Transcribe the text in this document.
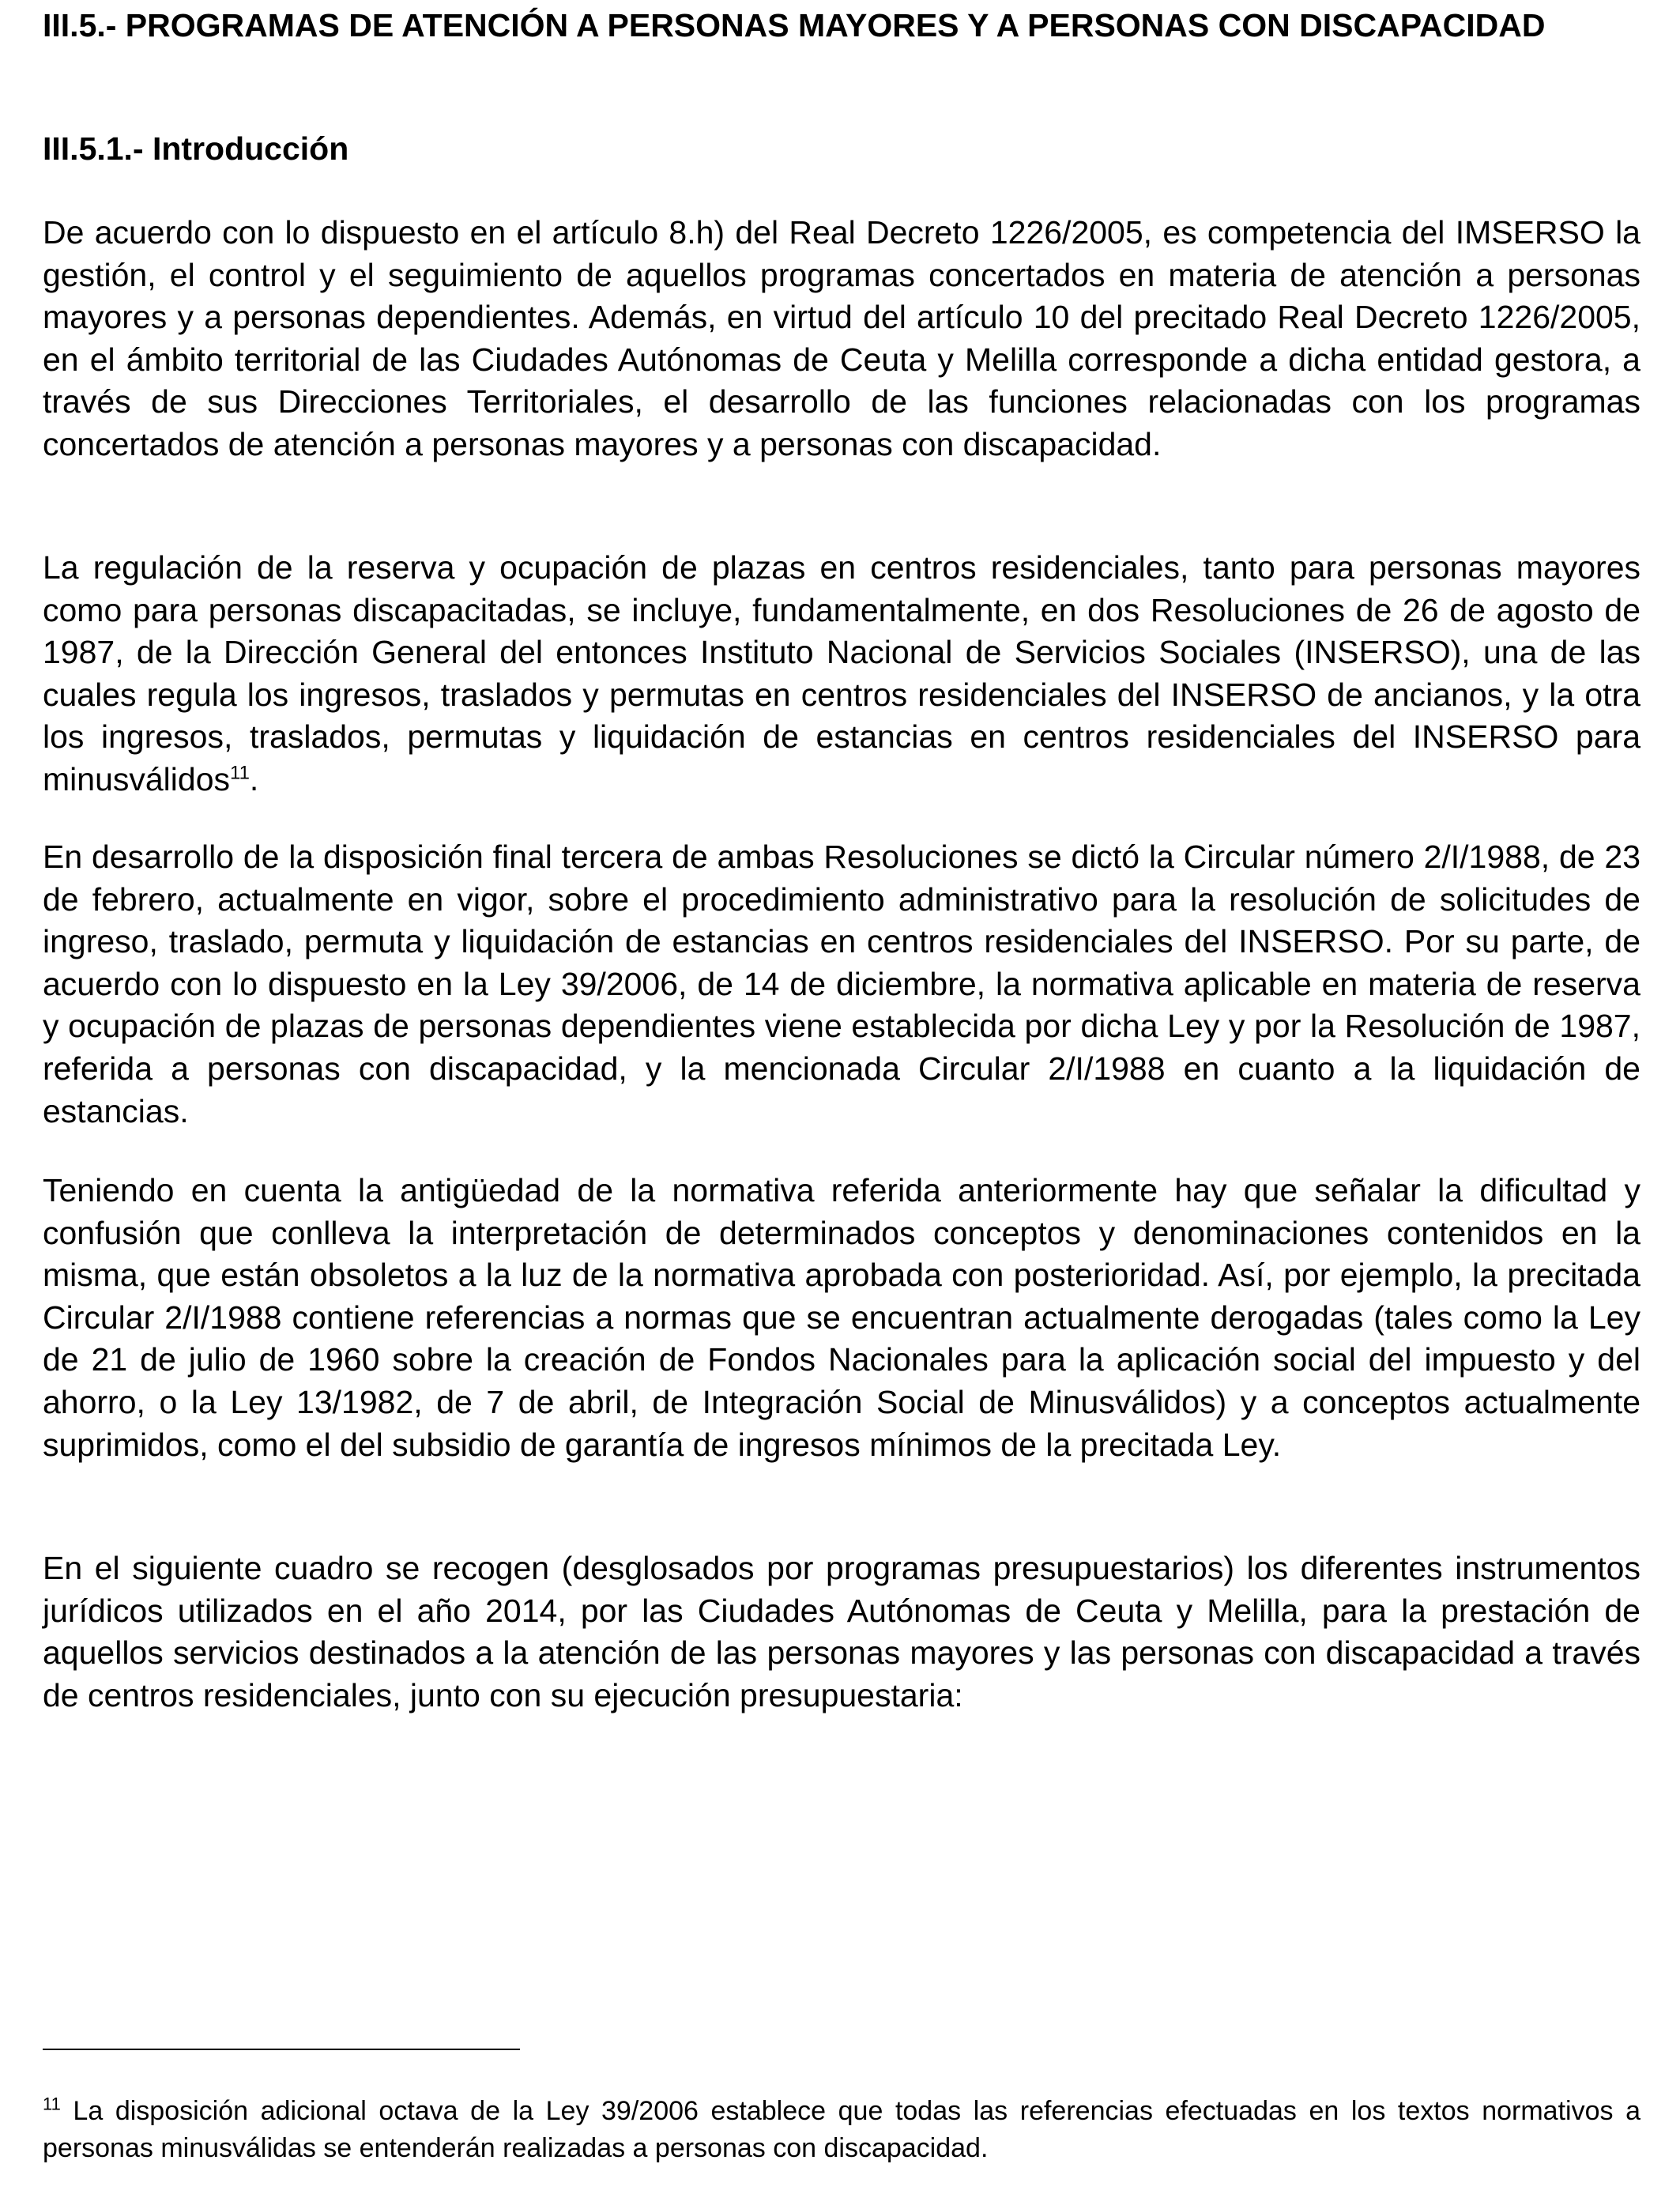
III.5.- PROGRAMAS DE ATENCIÓN A PERSONAS MAYORES Y A PERSONAS CON DISCAPACIDAD
III.5.1.- Introducción

De acuerdo con lo dispuesto en el artículo 8.h) del Real Decreto 1226/2005, es competencia del IMSERSO la gestión, el control y el seguimiento de aquellos programas concertados en materia de atención a personas mayores y a personas dependientes. Además, en virtud del artículo 10 del precitado Real Decreto 1226/2005, en el ámbito territorial de las Ciudades Autónomas de Ceuta y Melilla corresponde a dicha entidad gestora, a través de sus Direcciones Territoriales, el desarrollo de las funciones relacionadas con los programas concertados de atención a personas mayores y a personas con discapacidad.

La regulación de la reserva y ocupación de plazas en centros residenciales, tanto para personas mayores como para personas discapacitadas, se incluye, fundamentalmente, en dos Resoluciones de 26 de agosto de 1987, de la Dirección General del entonces Instituto Nacional de Servicios Sociales (INSERSO), una de las cuales regula los ingresos, traslados y permutas en centros residenciales del INSERSO de ancianos, y la otra los ingresos, traslados, permutas y liquidación de estancias en centros residenciales del INSERSO para minusválidos$^{11}$.

En desarrollo de la disposición final tercera de ambas Resoluciones se dictó la Circular número 2/I/1988, de 23 de febrero, actualmente en vigor, sobre el procedimiento administrativo para la resolución de solicitudes de ingreso, traslado, permuta y liquidación de estancias en centros residenciales del INSERSO. Por su parte, de acuerdo con lo dispuesto en la Ley 39/2006, de 14 de diciembre, la normativa aplicable en materia de reserva y ocupación de plazas de personas dependientes viene establecida por dicha Ley y por la Resolución de 1987, referida a personas con discapacidad, y la mencionada Circular 2/I/1988 en cuanto a la liquidación de estancias.

Teniendo en cuenta la antigüedad de la normativa referida anteriormente hay que señalar la dificultad y confusión que conlleva la interpretación de determinados conceptos y denominaciones contenidos en la misma, que están obsoletos a la luz de la normativa aprobada con posterioridad. Así, por ejemplo, la precitada Circular 2/I/1988 contiene referencias a normas que se encuentran actualmente derogadas (tales como la Ley de 21 de julio de 1960 sobre la creación de Fondos Nacionales para la aplicación social del impuesto y del ahorro, o la Ley 13/1982, de 7 de abril, de Integración Social de Minusválidos) y a conceptos actualmente suprimidos, como el del subsidio de garantía de ingresos mínimos de la precitada Ley.

En el siguiente cuadro se recogen (desglosados por programas presupuestarios) los diferentes instrumentos jurídicos utilizados en el año 2014, por las Ciudades Autónomas de Ceuta y Melilla, para la prestación de aquellos servicios destinados a la atención de las personas mayores y las personas con discapacidad a través de centros residenciales, junto con su ejecución presupuestaria:

$^{11}$ La disposición adicional octava de la Ley 39/2006 establece que todas las referencias efectuadas en los textos normativos a personas minusválidas se entenderán realizadas a personas con discapacidad.
